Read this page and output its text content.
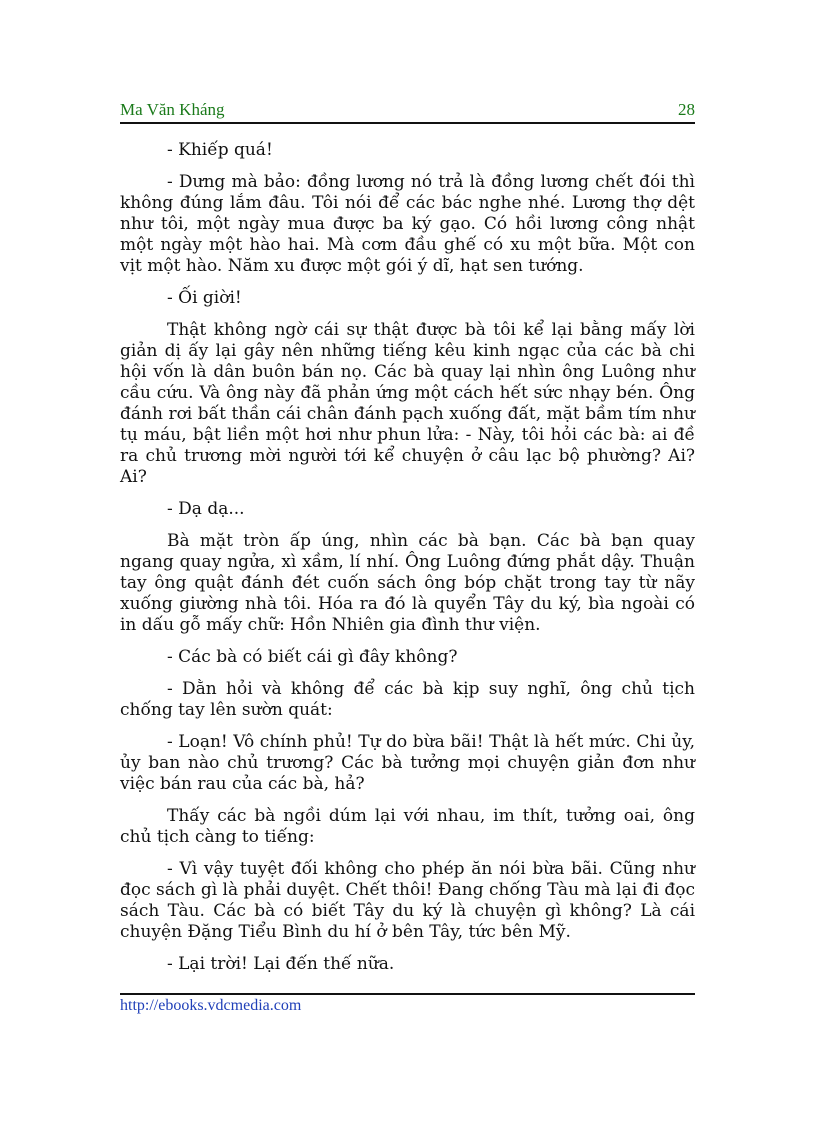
Ma Văn Kháng	28

- Khiếp quá!

- Dưng mà bảo: đồng lương nó trả là đồng lương chết đói thì không đúng lắm đâu. Tôi nói để các bác nghe nhé. Lương thợ dệt như tôi, một ngày mua được ba ký gạo. Có hồi lương công nhật một ngày một hào hai. Mà cơm đầu ghế có xu một bữa. Một con vịt một hào. Năm xu được một gói ý dĩ, hạt sen tướng.

- Ối giời!

Thật không ngờ cái sự thật được bà tôi kể lại bằng mấy lời giản dị ấy lại gây nên những tiếng kêu kinh ngạc của các bà chi hội vốn là dân buôn bán nọ. Các bà quay lại nhìn ông Luông như cầu cứu. Và ông này đã phản ứng một cách hết sức nhạy bén. Ông đánh rơi bất thần cái chân đánh pạch xuống đất, mặt bầm tím như tụ máu, bật liền một hơi như phun lửa: - Này, tôi hỏi các bà: ai đề ra chủ trương mời người tới kể chuyện ở câu lạc bộ phường? Ai? Ai?

- Dạ dạ...

Bà mặt tròn ấp úng, nhìn các bà bạn. Các bà bạn quay ngang quay ngửa, xì xầm, lí nhí. Ông Luông đứng phắt dậy. Thuận tay ông quật đánh đét cuốn sách ông bóp chặt trong tay từ nãy xuống giường nhà tôi. Hóa ra đó là quyển Tây du ký, bìa ngoài có in dấu gỗ mấy chữ: Hồn Nhiên gia đình thư viện.

- Các bà có biết cái gì đây không?

- Dằn hỏi và không để các bà kịp suy nghĩ, ông chủ tịch chống tay lên sườn quát:

- Loạn! Vô chính phủ! Tự do bừa bãi! Thật là hết mức. Chi ủy, ủy ban nào chủ trương? Các bà tưởng mọi chuyện giản đơn như việc bán rau của các bà, hả?

Thấy các bà ngồi dúm lại với nhau, im thít, tưởng oai, ông chủ tịch càng to tiếng:

- Vì vậy tuyệt đối không cho phép ăn nói bừa bãi. Cũng như đọc sách gì là phải duyệt. Chết thôi! Đang chống Tàu mà lại đi đọc sách Tàu. Các bà có biết Tây du ký là chuyện gì không? Là cái chuyện Đặng Tiểu Bình du hí ở bên Tây, tức bên Mỹ.

- Lại trời! Lại đến thế nữa.

http://ebooks.vdcmedia.com
